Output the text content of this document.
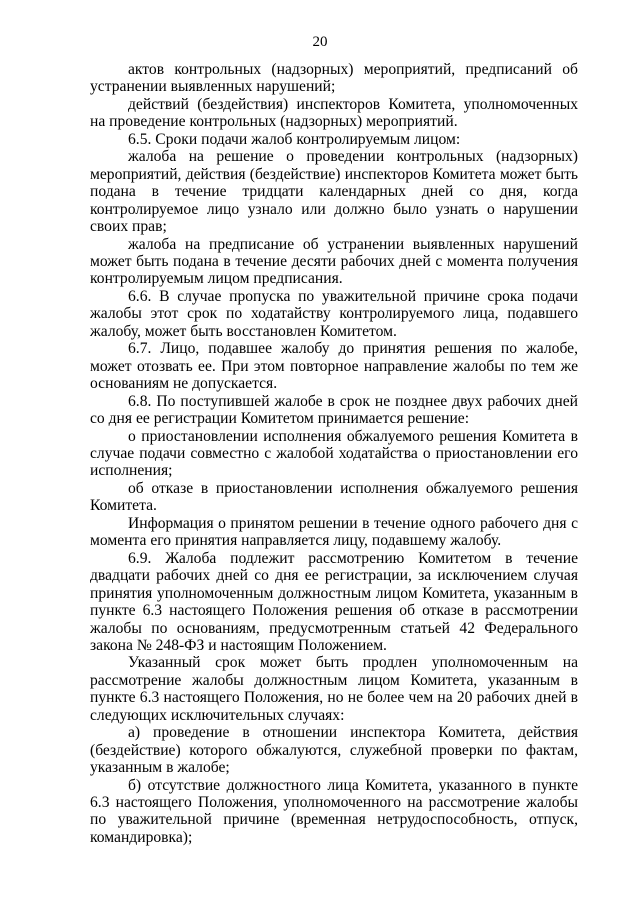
20

актов контрольных (надзорных) мероприятий, предписаний об устранении выявленных нарушений;

действий (бездействия) инспекторов Комитета, уполномоченных на проведение контрольных (надзорных) мероприятий.

6.5. Сроки подачи жалоб контролируемым лицом:

жалоба на решение о проведении контрольных (надзорных) мероприятий, действия (бездействие) инспекторов Комитета может быть подана в течение тридцати календарных дней со дня, когда контролируемое лицо узнало или должно было узнать о нарушении своих прав;

жалоба на предписание об устранении выявленных нарушений может быть подана в течение десяти рабочих дней с момента получения контролируемым лицом предписания.

6.6. В случае пропуска по уважительной причине срока подачи жалобы этот срок по ходатайству контролируемого лица, подавшего жалобу, может быть восстановлен Комитетом.

6.7. Лицо, подавшее жалобу до принятия решения по жалобе, может отозвать ее. При этом повторное направление жалобы по тем же основаниям не допускается.

6.8. По поступившей жалобе в срок не позднее двух рабочих дней со дня ее регистрации Комитетом принимается решение:

о приостановлении исполнения обжалуемого решения Комитета в случае подачи совместно с жалобой ходатайства о приостановлении его исполнения;

об отказе в приостановлении исполнения обжалуемого решения Комитета.

Информация о принятом решении в течение одного рабочего дня с момента его принятия направляется лицу, подавшему жалобу.

6.9. Жалоба подлежит рассмотрению Комитетом в течение двадцати рабочих дней со дня ее регистрации, за исключением случая принятия уполномоченным должностным лицом Комитета, указанным в пункте 6.3 настоящего Положения решения об отказе в рассмотрении жалобы по основаниям, предусмотренным статьей 42 Федерального закона № 248-ФЗ и настоящим Положением.

Указанный срок может быть продлен уполномоченным на рассмотрение жалобы должностным лицом Комитета, указанным в пункте 6.3 настоящего Положения, но не более чем на 20 рабочих дней в следующих исключительных случаях:

а) проведение в отношении инспектора Комитета, действия (бездействие) которого обжалуются, служебной проверки по фактам, указанным в жалобе;

б) отсутствие должностного лица Комитета, указанного в пункте 6.3 настоящего Положения, уполномоченного на рассмотрение жалобы по уважительной причине (временная нетрудоспособность, отпуск, командировка);
